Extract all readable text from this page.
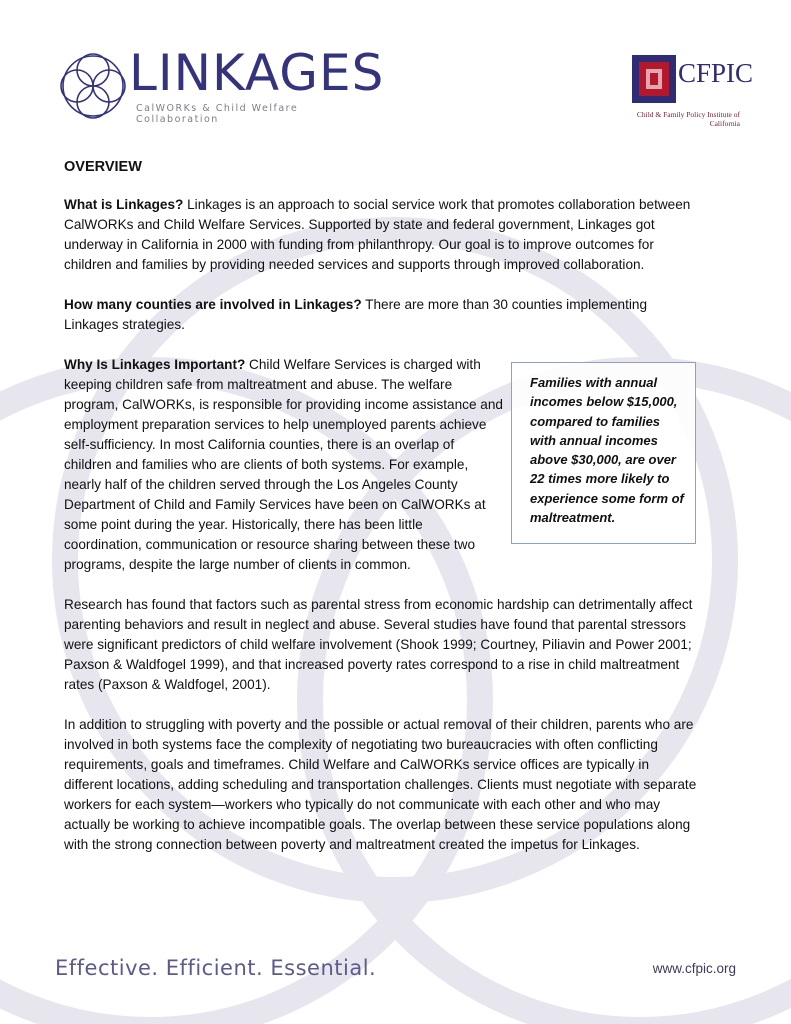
LINKAGES
CalWORKs & Child Welfare Collaboration
CFPIC
Child & Family Policy Institute of California
OVERVIEW

What is Linkages? Linkages is an approach to social service work that promotes collaboration between CalWORKs and Child Welfare Services. Supported by state and federal government, Linkages got underway in California in 2000 with funding from philanthropy. Our goal is to improve outcomes for children and families by providing needed services and supports through improved collaboration.

How many counties are involved in Linkages? There are more than 30 counties implementing Linkages strategies.

Why Is Linkages Important? Child Welfare Services is charged with keeping children safe from maltreatment and abuse. The welfare program, CalWORKs, is responsible for providing income assistance and employment preparation services to help unemployed parents achieve self-sufficiency. In most California counties, there is an overlap of children and families who are clients of both systems. For example, nearly half of the children served through the Los Angeles County Department of Child and Family Services have been on CalWORKs at some point during the year. Historically, there has been little coordination, communication or resource sharing between these two programs, despite the large number of clients in common.

Research has found that factors such as parental stress from economic hardship can detrimentally affect parenting behaviors and result in neglect and abuse. Several studies have found that parental stressors were significant predictors of child welfare involvement (Shook 1999; Courtney, Piliavin and Power 2001; Paxson & Waldfogel 1999), and that increased poverty rates correspond to a rise in child maltreatment rates (Paxson & Waldfogel, 2001).

In addition to struggling with poverty and the possible or actual removal of their children, parents who are involved in both systems face the complexity of negotiating two bureaucracies with often conflicting requirements, goals and timeframes. Child Welfare and CalWORKs service offices are typically in different locations, adding scheduling and transportation challenges. Clients must negotiate with separate workers for each system—workers who typically do not communicate with each other and who may actually be working to achieve incompatible goals. The overlap between these service populations along with the strong connection between poverty and maltreatment created the impetus for Linkages.

Families with annual incomes below $15,000, compared to families with annual incomes above $30,000, are over 22 times more likely to experience some form of maltreatment.
Effective. Efficient. Essential.	www.cfpic.org
